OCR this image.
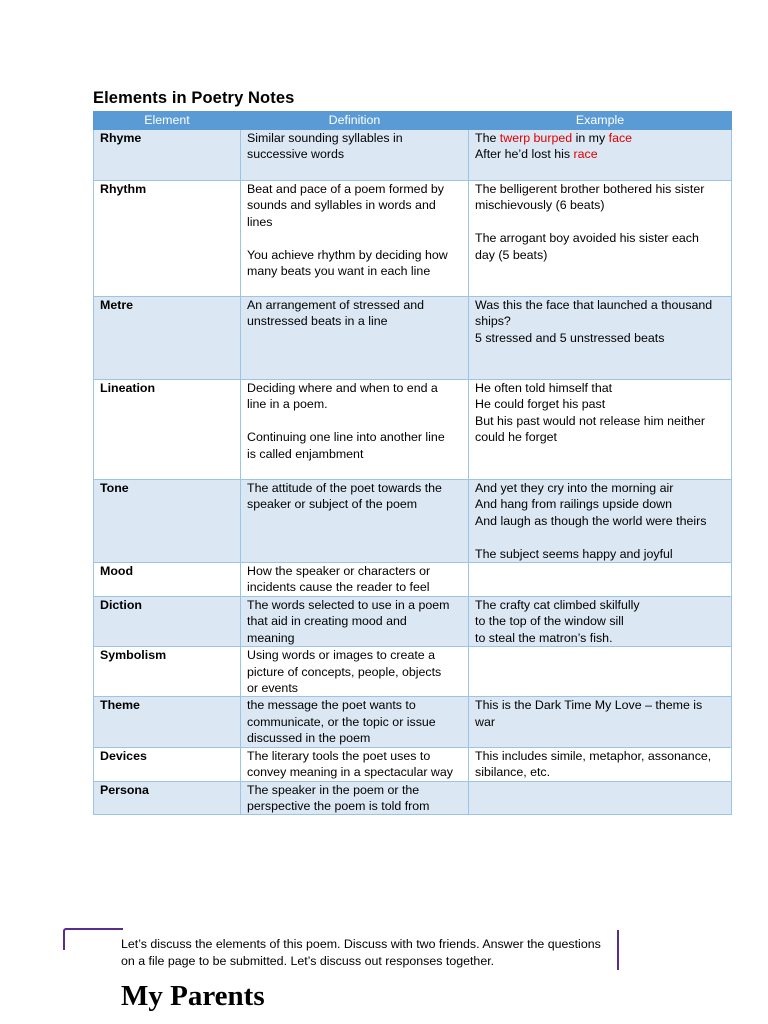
Elements in Poetry Notes
Element	Definition	Example
Rhyme	Similar sounding syllables in
successive words	The twerp burped in my face
After he’d lost his race

Rhythm	Beat and pace of a poem formed by
sounds and syllables in words and
lines
You achieve rhythm by deciding how
many beats you want in each line	The belligerent brother bothered his sister
mischievously (6 beats)
The arrogant boy avoided his sister each
day (5 beats)

Metre	An arrangement of stressed and
unstressed beats in a line	Was this the face that launched a thousand
ships?
5 stressed and 5 unstressed beats

Lineation	Deciding where and when to end a
line in a poem.
Continuing one line into another line
is called enjambment	He often told himself that
He could forget his past
But his past would not release him neither
could he forget

Tone	The attitude of the poet towards the
speaker or subject of the poem	And yet they cry into the morning air
And hang from railings upside down
And laugh as though the world were theirs
The subject seems happy and joyful

Mood	How the speaker or characters or
incidents cause the reader to feel	

Diction	The words selected to use in a poem
that aid in creating mood and
meaning	The crafty cat climbed skilfully
to the top of the window sill
to steal the matron’s fish.

Symbolism	Using words or images to create a
picture of concepts, people, objects
or events	

Theme	the message the poet wants to
communicate, or the topic or issue
discussed in the poem	This is the Dark Time My Love – theme is
war

Devices	The literary tools the poet uses to
convey meaning in a spectacular way	This includes simile, metaphor, assonance,
sibilance, etc.

Persona	The speaker in the poem or the
perspective the poem is told from	

Let’s discuss the elements of this poem. Discuss with two friends. Answer the questions on a file page to be submitted. Let’s discuss out responses together.
My Parents
